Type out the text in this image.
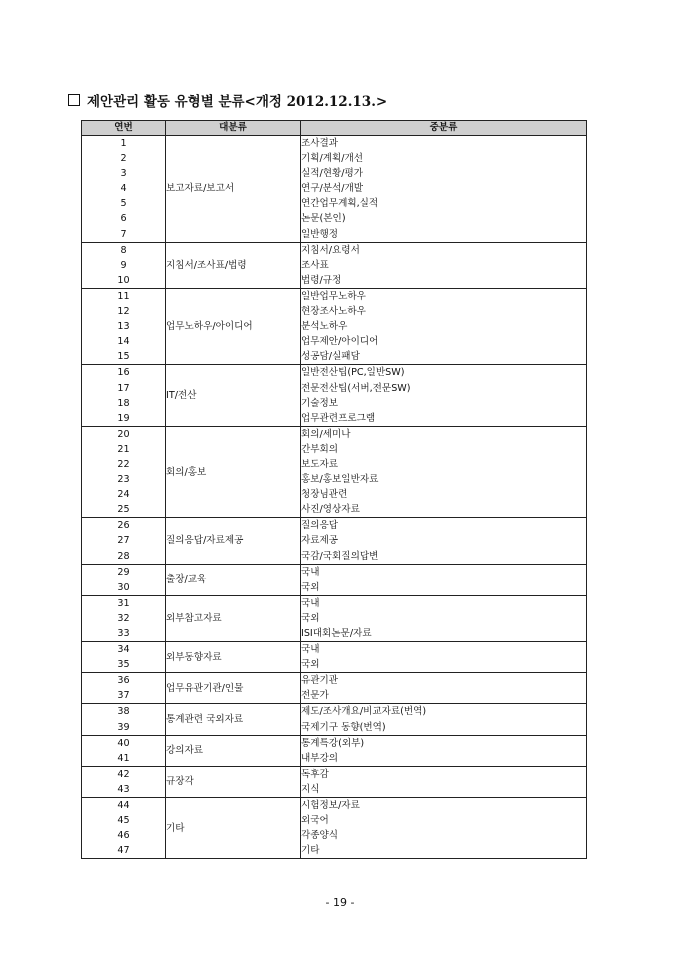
제안관리 활동 유형별 분류<개정 2012.12.13.>
연번	대분류	중분류
1	보고자료/보고서	조사결과
2		기획/계획/개선
3		실적/현황/평가
4		연구/분석/개발
5		연간업무계획,실적
6		논문(본인)
7		일반행정
8	지침서/조사표/법령	지침서/요령서
9		조사표
10		법령/규정
11	업무노하우/아이디어	일반업무노하우
12		현장조사노하우
13		분석노하우
14		업무제안/아이디어
15		성공담/실패담
16	IT/전산	일반전산팁(PC,일반SW)
17		전문전산팁(서버,전문SW)
18		기술정보
19		업무관련프로그램
20	회의/홍보	회의/세미나
21		간부회의
22		보도자료
23		홍보/홍보일반자료
24		청장님관련
25		사진/영상자료
26	질의응답/자료제공	질의응답
27		자료제공
28		국감/국회질의답변
29	출장/교육	국내
30		국외
31	외부참고자료	국내
32		국외
33		ISI대회논문/자료
34	외부동향자료	국내
35		국외
36	업무유관기관/인물	유관기관
37		전문가
38	통계관련 국외자료	제도/조사개요/비교자료(번역)
39		국제기구 동향(번역)
40	강의자료	통계특강(외부)
41		내부강의
42	규장각	독후감
43		지식
44	기타	시험정보/자료
45		외국어
46		각종양식
47		기타
- 19 -
